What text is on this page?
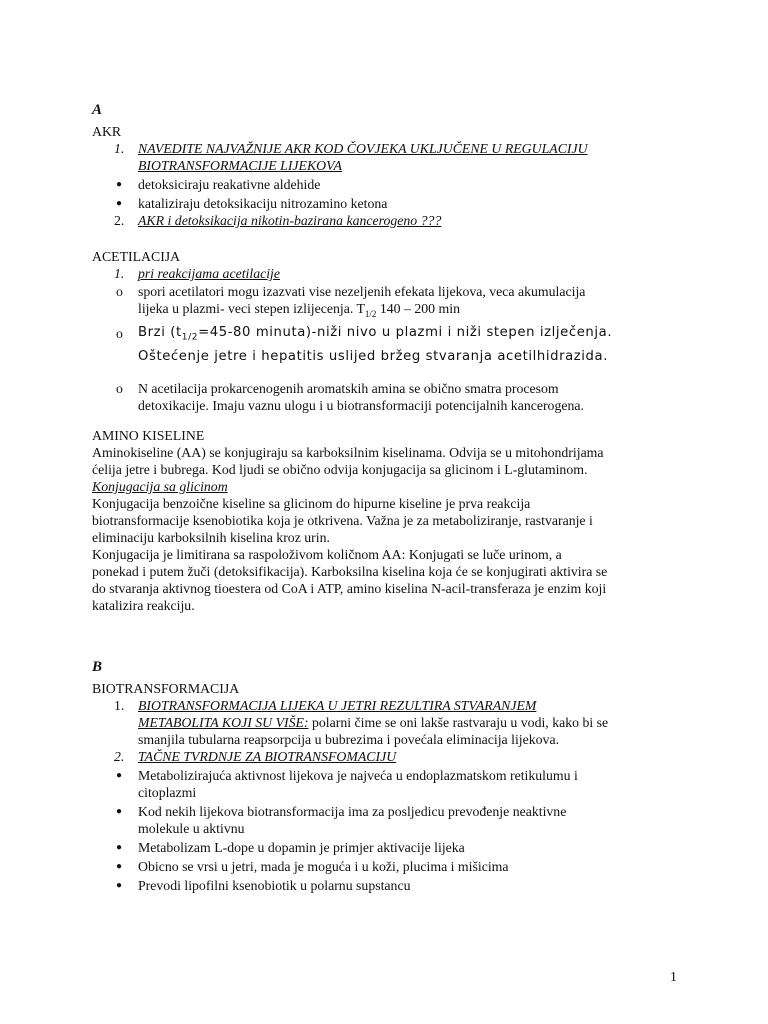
A
AKR
1. NAVEDITE NAJVAŽNIJE AKR KOD ČOVJEKA UKLJUČENE U REGULACIJU
BIOTRANSFORMACIJE LIJEKOVA
●	detoksiciraju reakativne aldehide
●	kataliziraju detoksikaciju nitrozamino ketona
2. AKR i detoksikacija nikotin-bazirana kancerogeno ???
ACETILACIJA
1. pri reakcijama acetilacije
o	spori acetilatori mogu izazvati vise nezeljenih efekata lijekova, veca akumulacija
lijeka u plazmi- veci stepen izlijecenja. $T_{1/2}$ 140 – 200 min
o	Brzi ($t_{1/2}=45-80$ minuta)-niži nivo u plazmi i niži stepen izlječenja.
Oštećenje jetre i hepatitis uslijed bržeg stvaranja acetilhidrazida.
o	N acetilacija prokarcenogenih aromatskih amina se obično smatra procesom
detoxikacije. Imaju vaznu ulogu i u biotransformaciji potencijalnih kancerogena.
AMINO KISELINE
Aminokiseline (AA) se konjugiraju sa karboksilnim kiselinama. Odvija se u mitohondrijama
ćelija jetre i bubrega. Kod ljudi se obično odvija konjugacija sa glicinom i L-glutaminom.
Konjugacija sa glicinom
Konjugacija benzoične kiseline sa glicinom do hipurne kiseline je prva reakcija
biotransformacije ksenobiotika koja je otkrivena. Važna je za metaboliziranje, rastvaranje i
eliminaciju karboksilnih kiselina kroz urin.
Konjugacija je limitirana sa raspoloživom količnom AA: Konjugati se luče urinom, a
ponekad i putem žuči (detoksifikacija). Karboksilna kiselina koja će se konjugirati aktivira se
do stvaranja aktivnog tioestera od CoA i ATP, amino kiselina N-acil-transferaza je enzim koji
katalizira reakciju.
B
BIOTRANSFORMACIJA
1. BIOTRANSFORMACIJA LIJEKA U JETRI REZULTIRA STVARANJEM
METABOLITA KOJI SU VIŠE: polarni čime se oni lakše rastvaraju u vodi, kako bi se
smanjila tubularna reapsorpcija u bubrezima i povećala eliminacija lijekova.
2. TAČNE TVRDNJE ZA BIOTRANSFOMACIJU
●	Metabolizirajuća aktivnost lijekova je najveća u endoplazmatskom retikulumu i
citoplazmi
●	Kod nekih lijekova biotransformacija ima za posljedicu prevođenje neaktivne
molekule u aktivnu
●	Metabolizam L-dope u dopamin je primjer aktivacije lijeka
●	Obicno se vrsi u jetri, mada je moguća i u koži, plucima i mišicima
●	Prevodi lipofilni ksenobiotik u polarnu supstancu
1
